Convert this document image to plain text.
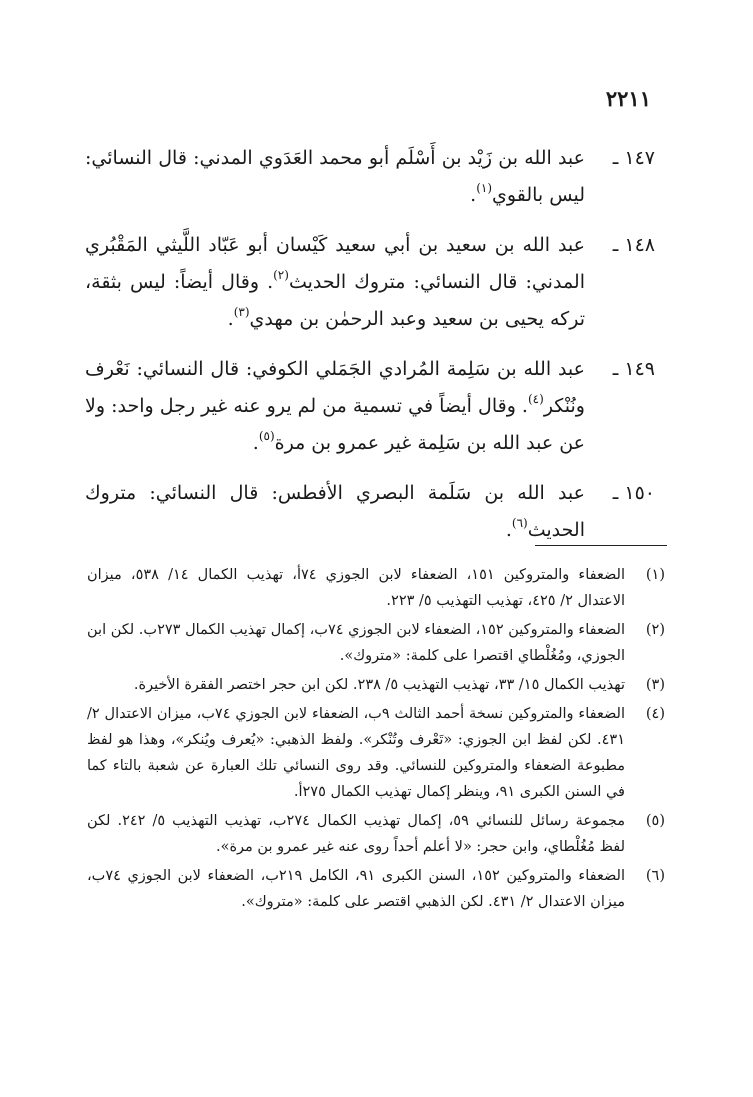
٢٢١١
١٤٧ ـ
عبد الله بن زَيْد بن أَسْلَم أبو محمد العَدَوي المدني: قال النسائي: ليس بالقوي$^{(١)}$.
١٤٨ ـ
عبد الله بن سعيد بن أبي سعيد كَيْسان أبو عَبّاد اللَّيثي المَقْبُري المدني: قال النسائي: متروك الحديث$^{(٢)}$. وقال أيضاً: ليس بثقة، تركه يحيى بن سعيد وعبد الرحمٰن بن مهدي$^{(٣)}$.
١٤٩ ـ
عبد الله بن سَلِمة المُرادي الجَمَلي الكوفي: قال النسائي: نَعْرف ونُنْكر$^{(٤)}$. وقال أيضاً في تسمية من لم يرو عنه غير رجل واحد: ولا عن عبد الله بن سَلِمة غير عمرو بن مرة$^{(٥)}$.
١٥٠ ـ
عبد الله بن سَلَمة البصري الأفطس: قال النسائي: متروك الحديث$^{(٦)}$.
(١)
الضعفاء والمتروكين ١٥١، الضعفاء لابن الجوزي ٧٤أ، تهذيب الكمال ١٤/ ٥٣٨، ميزان الاعتدال ٢/ ٤٢٥، تهذيب التهذيب ٥/ ٢٢٣.
(٢)
الضعفاء والمتروكين ١٥٢، الضعفاء لابن الجوزي ٧٤ب، إكمال تهذيب الكمال ٢٧٣ب. لكن ابن الجوزي، ومُغُلْطاي اقتصرا على كلمة: «متروك».
(٣)
تهذيب الكمال ١٥/ ٣٣، تهذيب التهذيب ٥/ ٢٣٨. لكن ابن حجر اختصر الفقرة الأخيرة.
(٤)
الضعفاء والمتروكين نسخة أحمد الثالث ٩ب، الضعفاء لابن الجوزي ٧٤ب، ميزان الاعتدال ٢/ ٤٣١. لكن لفظ ابن الجوزي: «تَعْرف وتُنْكر». ولفظ الذهبي: «يُعرف ويُنكر»، وهذا هو لفظ مطبوعة الضعفاء والمتروكين للنسائي. وقد روى النسائي تلك العبارة عن شعبة بالتاء كما في السنن الكبرى ٩١، وينظر إكمال تهذيب الكمال ٢٧٥أ.
(٥)
مجموعة رسائل للنسائي ٥٩، إكمال تهذيب الكمال ٢٧٤ب، تهذيب التهذيب ٥/ ٢٤٢. لكن لفظ مُغُلْطاي، وابن حجر: «لا أعلم أحداً روى عنه غير عمرو بن مرة».
(٦)
الضعفاء والمتروكين ١٥٢، السنن الكبرى ٩١، الكامل ٢١٩ب، الضعفاء لابن الجوزي ٧٤ب، ميزان الاعتدال ٢/ ٤٣١. لكن الذهبي اقتصر على كلمة: «متروك».
